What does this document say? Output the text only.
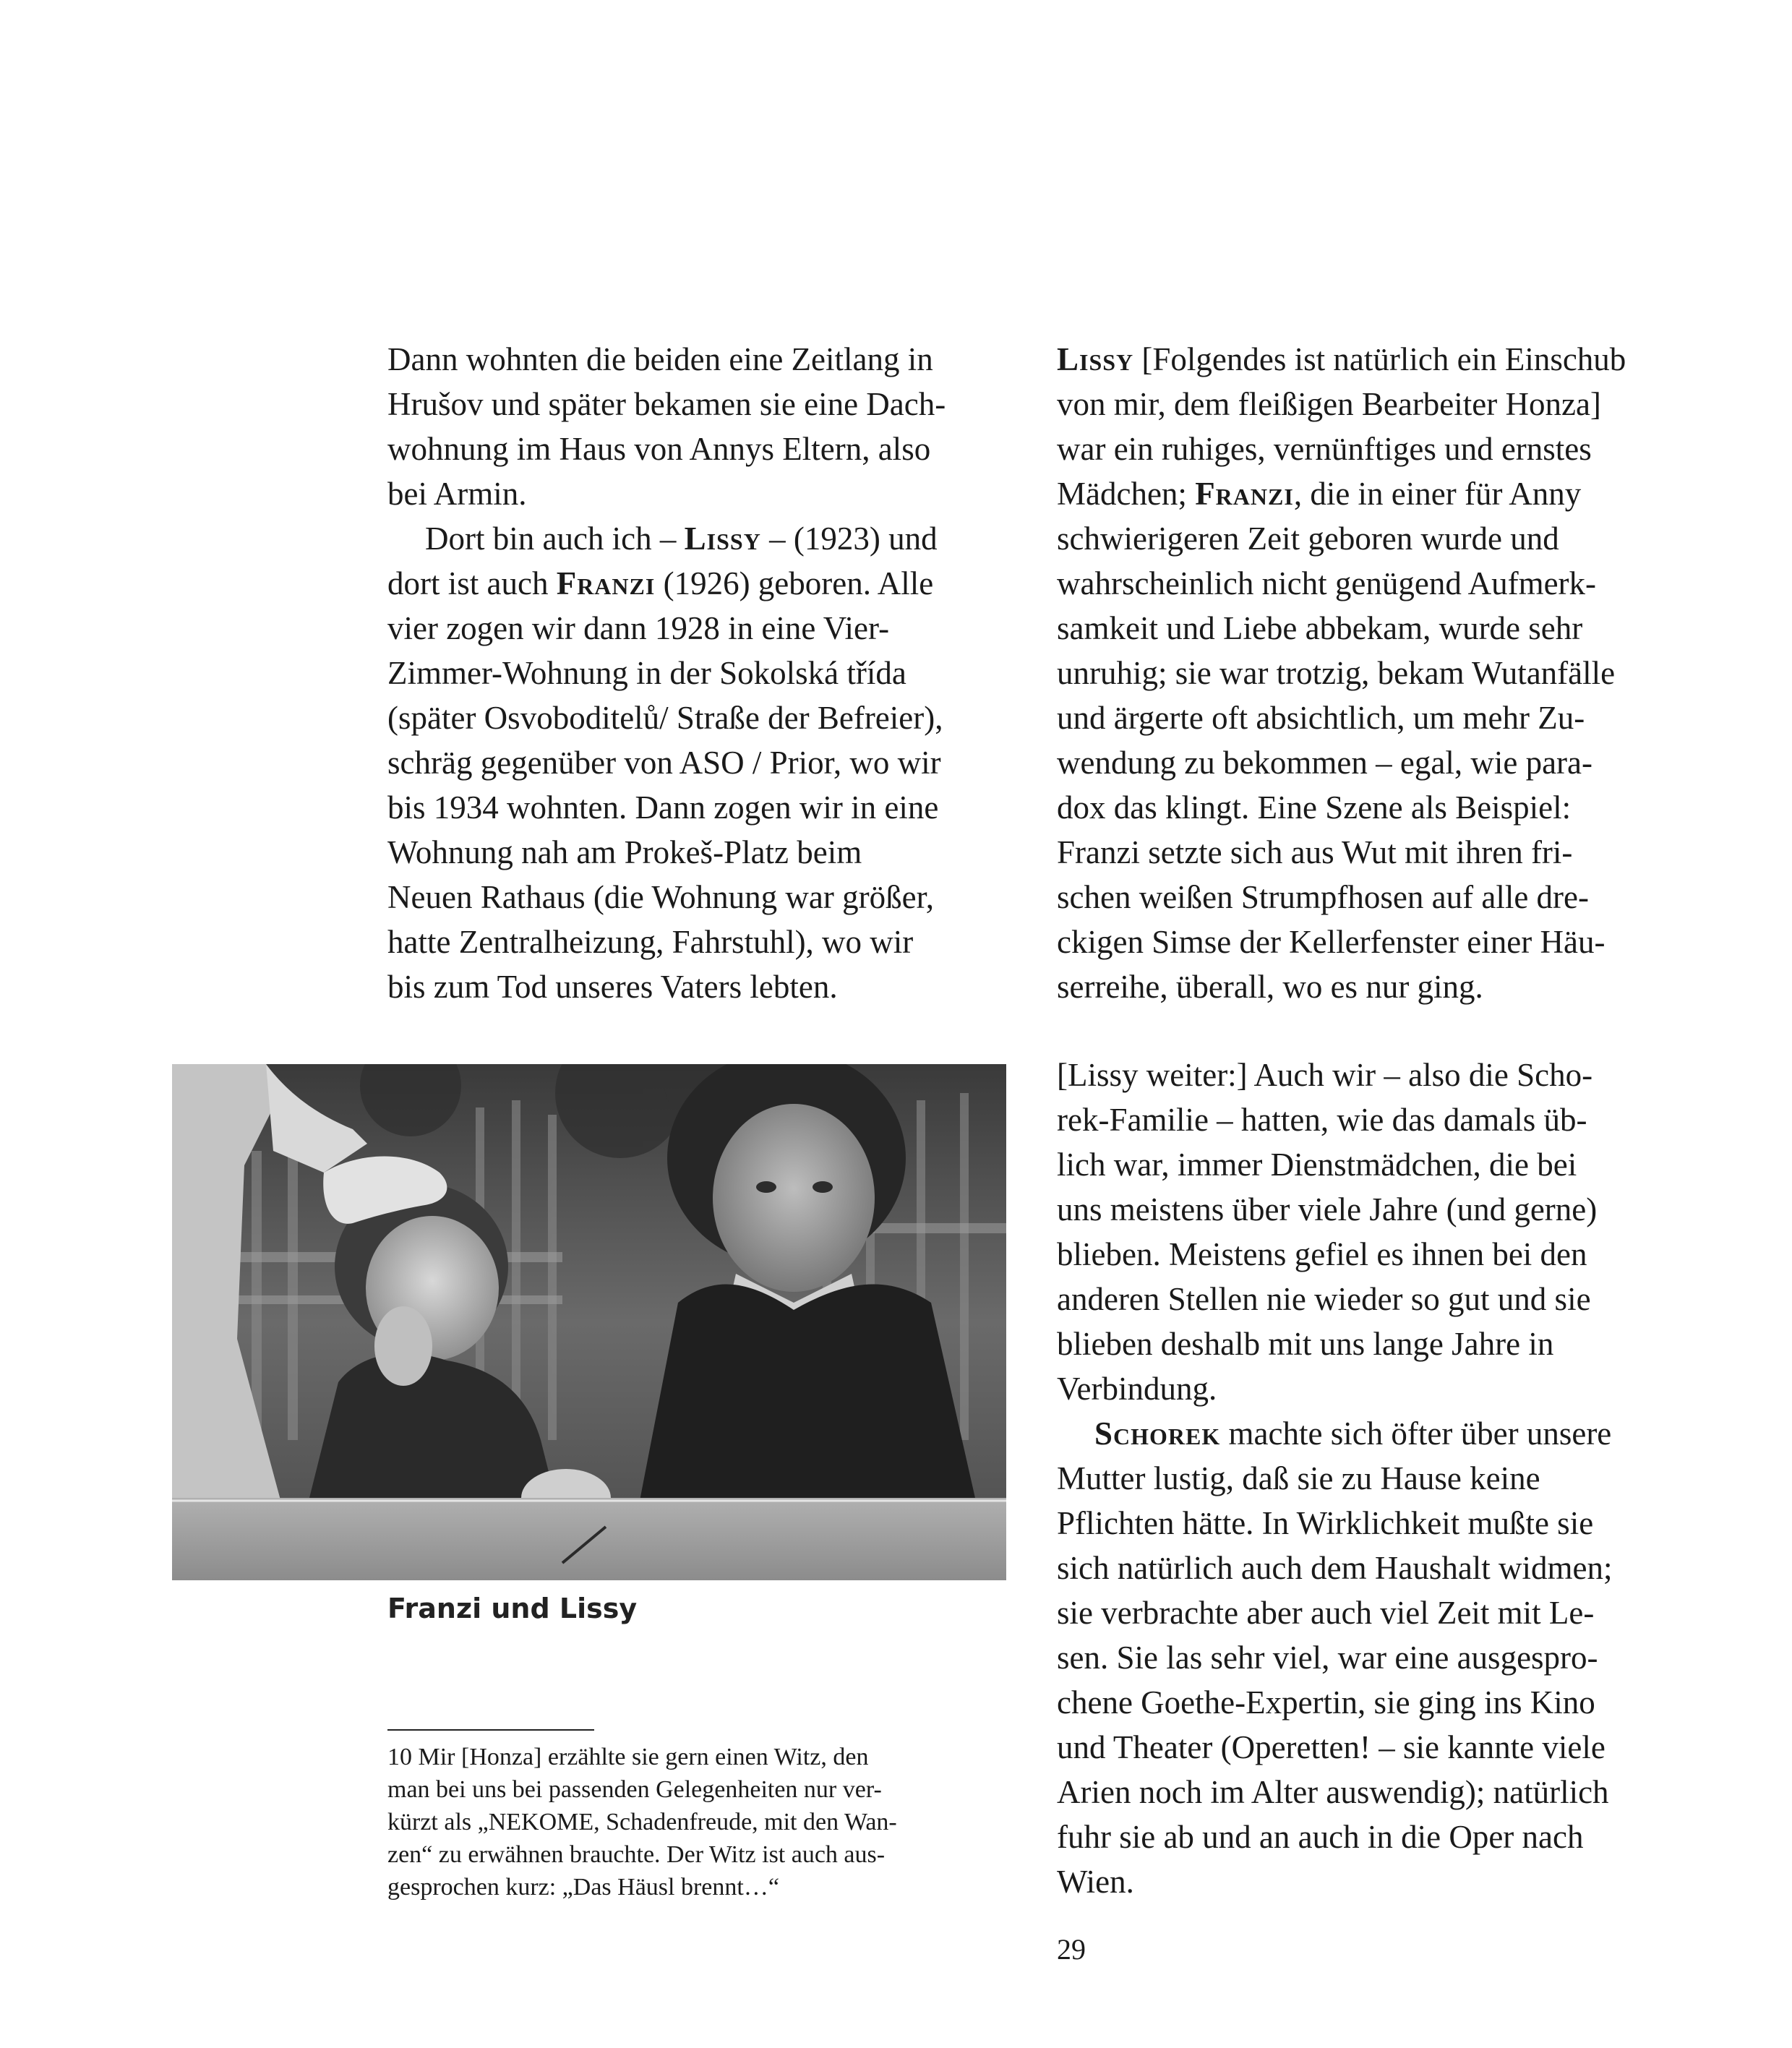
Dann wohnten die beiden eine Zeitlang in
Hrušov und später bekamen sie eine Dach-
wohnung im Haus von Annys Eltern, also
bei Armin.

Dort bin auch ich – Lissy – (1923) und
dort ist auch Franzi (1926) geboren. Alle
vier zogen wir dann 1928 in eine Vier-
Zimmer-Wohnung in der Sokolská třída
(später Osvoboditelů/ Straße der Befreier),
schräg gegenüber von ASO / Prior, wo wir
bis 1934 wohnten. Dann zogen wir in eine
Wohnung nah am Prokeš-Platz beim
Neuen Rathaus (die Wohnung war größer,
hatte Zentralheizung, Fahrstuhl), wo wir
bis zum Tod unseres Vaters lebten.

Lissy [Folgendes ist natürlich ein Einschub
von mir, dem fleißigen Bearbeiter Honza]
war ein ruhiges, vernünftiges und ernstes
Mädchen; Franzi, die in einer für Anny
schwierigeren Zeit geboren wurde und
wahrscheinlich nicht genügend Aufmerk-
samkeit und Liebe abbekam, wurde sehr
unruhig; sie war trotzig, bekam Wutanfälle
und ärgerte oft absichtlich, um mehr Zu-
wendung zu bekommen – egal, wie para-
dox das klingt. Eine Szene als Beispiel:
Franzi setzte sich aus Wut mit ihren fri-
schen weißen Strumpfhosen auf alle dre-
ckigen Simse der Kellerfenster einer Häu-
serreihe, überall, wo es nur ging.

[Lissy weiter:] Auch wir – also die Scho-
rek-Familie – hatten, wie das damals üb-
lich war, immer Dienstmädchen, die bei
uns meistens über viele Jahre (und gerne)
blieben. Meistens gefiel es ihnen bei den
anderen Stellen nie wieder so gut und sie
blieben deshalb mit uns lange Jahre in
Verbindung.

Schorek machte sich öfter über unsere
Mutter lustig, daß sie zu Hause keine
Pflichten hätte. In Wirklichkeit mußte sie
sich natürlich auch dem Haushalt widmen;
sie verbrachte aber auch viel Zeit mit Le-
sen. Sie las sehr viel, war eine ausgespro-
chene Goethe-Expertin, sie ging ins Kino
und Theater (Operetten! – sie kannte viele
Arien noch im Alter auswendig); natürlich
fuhr sie ab und an auch in die Oper nach
Wien.

Franzi und Lissy
10 Mir [Honza] erzählte sie gern einen Witz, den
man bei uns bei passenden Gelegenheiten nur ver-
kürzt als „NEKOME, Schadenfreude, mit den Wan-
zen“ zu erwähnen brauchte. Der Witz ist auch aus-
gesprochen kurz: „Das Häusl brennt…“
29
